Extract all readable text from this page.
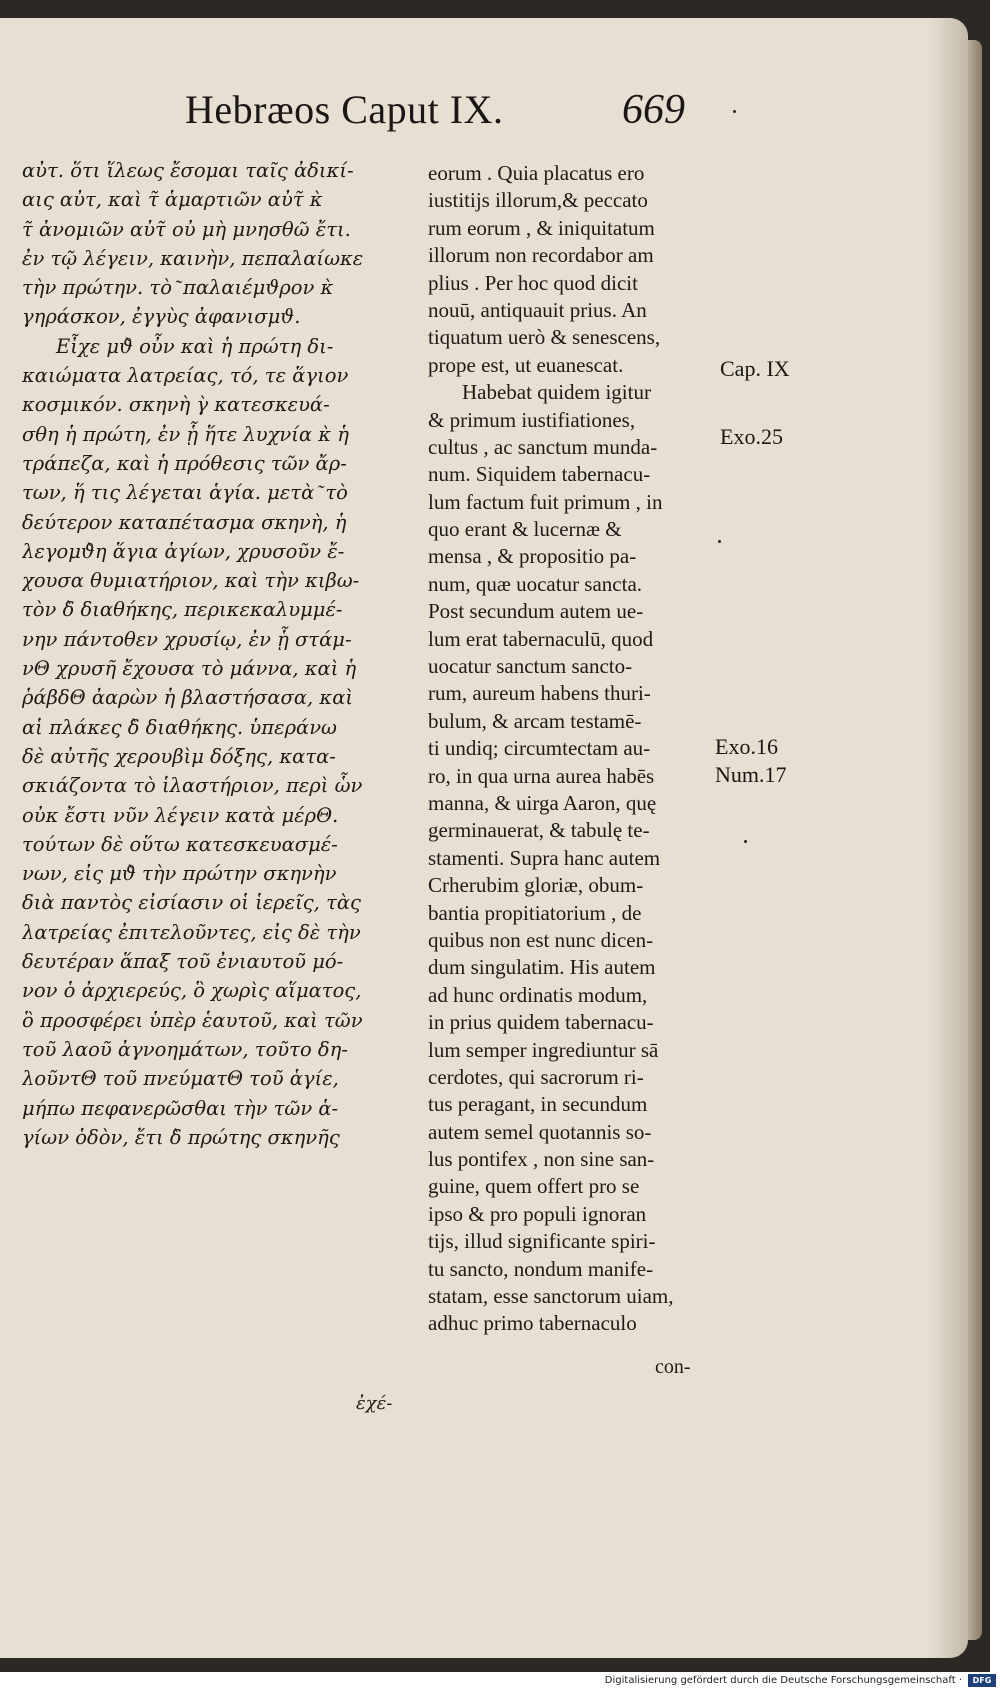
Hebræos Caput IX.	669
αὐτ. ὅτι ἵλεως ἔσομαι ταῖς ἀδικί-
αις αὐτ, καὶ τ̃ ἁμαρτιῶν αὐτ̃ κ̀
τ̃ ἀνομιῶν αὐτ̃ οὐ μὴ μνησθῶ ἔτι.
ἐν τῷ λέγειν, καινὴν, πεπαλαίωκε
τὴν πρώτην. τὸ ͂ παλαιέμϑρον κ̀
γηράσκον, ἐγγὺς ἀφανισμϑ.
Εἶχε μϑ̀ οὖν καὶ ἡ πρώτη δι-
καιώματα λατρείας, τό, τε ἅγιον
κοσμικόν. σκηνὴ γ̀ κατεσκευά-
σθη ἡ πρώτη, ἐν ᾗ ἥτε λυχνία κ̀ ἡ
τράπεζα, καὶ ἡ πρόθεσις τῶν ἄρ-
των, ἥ τις λέγεται ἁγία. μετὰ ͂ τὸ
δεύτερον καταπέτασμα σκηνὴ, ἡ
λεγομϑ̀η ἅγια ἁγίων, χρυσοῦν ἔ-
χουσα θυμιατήριον, καὶ τὴν κιβω-
τὸν δ̀ διαθήκης, περικεκαλυμμέ-
νην πάντοθεν χρυσίῳ, ἐν ᾗ στάμ-
νΘ χρυσῆ ἔχουσα τὸ μάννα, καὶ ἡ
ῥάβδΘ ἀαρὼν ἡ βλαστήσασα, καὶ
αἱ πλάκες δ̀ διαθήκης. ὑπεράνω
δὲ αὐτῆς χερουβὶμ δόξης, κατα-
σκιάζοντα τὸ ἱλαστήριον, περὶ ὧν
οὐκ ἔστι νῦν λέγειν κατὰ μέρΘ.
τούτων δὲ οὕτω κατεσκευασμέ-
νων, εἰς μϑ̀ τὴν πρώτην σκηνὴν
διὰ παντὸς εἰσίασιν οἱ ἱερεῖς, τὰς
λατρείας ἐπιτελοῦντες, εἰς δὲ τὴν
δευτέραν ἅπαξ τοῦ ἐνιαυτοῦ μό-
νον ὁ ἀρχιερεύς, ὃ χωρὶς αἵματος,
ὃ προσφέρει ὑπὲρ ἑαυτοῦ, καὶ τῶν
τοῦ λαοῦ ἀγνοημάτων, τοῦτο δη-
λοῦντΘ τοῦ πνεύματΘ τοῦ ἁγίε,
μήπω πεφανερῶσθαι τὴν τῶν ἁ-
γίων ὁδὸν, ἔτι δ̀ πρώτης σκηνῆς
eorum . Quia placatus ero
iustitijs illorum,& peccato
rum eorum , & iniquitatum
illorum non recordabor am
plius . Per hoc quod dicit
nouū, antiquauit prius. An
tiquatum uerò & senescens,
prope est, ut euanescat.
Habebat quidem igitur
& primum iustifiationes,
cultus , ac sanctum munda-
num. Siquidem tabernacu-
lum factum fuit primum , in
quo erant & lucernæ &
mensa , & propositio pa-
num, quæ uocatur sancta.
Post secundum autem ue-
lum erat tabernaculū, quod
uocatur sanctum sancto-
rum, aureum habens thuri-
bulum, & arcam testamē-
ti undiq; circumtectam au-
ro, in qua urna aurea habēs
manna, & uirga Aaron, quę
germinauerat, & tabulę te-
stamenti. Supra hanc autem
Crherubim gloriæ, obum-
bantia propitiatorium , de
quibus non est nunc dicen-
dum singulatim. His autem
ad hunc ordinatis modum,
in prius quidem tabernacu-
lum semper ingrediuntur sā
cerdotes, qui sacrorum ri-
tus peragant, in secundum
autem semel quotannis so-
lus pontifex , non sine san-
guine, quem offert pro se
ipso & pro populi ignoran
tijs, illud significante spiri-
tu sancto, nondum manife-
statam, esse sanctorum uiam,
adhuc primo tabernaculo
ἐχέ-
con-
Cap. IX
Exo.25
Exo.16
Num.17
Digitalisierung gefördert durch die Deutsche Forschungsgemeinschaft ·	DFG
